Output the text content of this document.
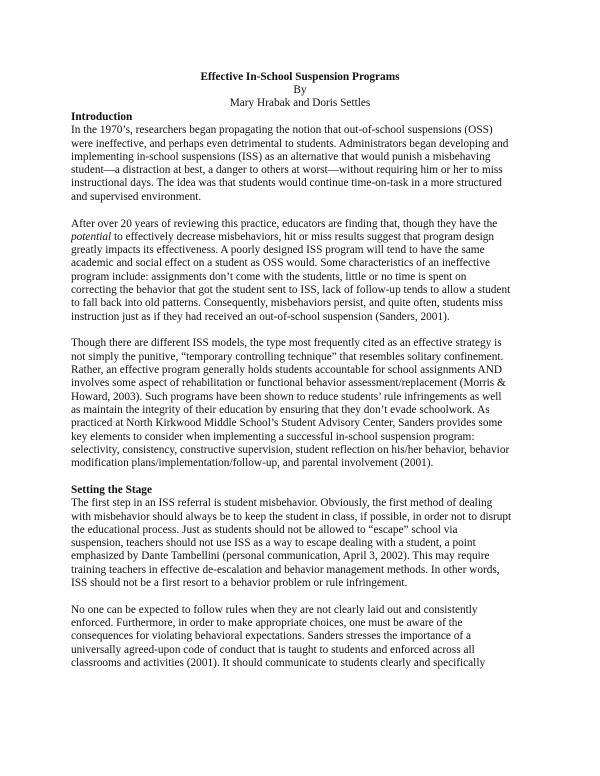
Effective In-School Suspension Programs

By

Mary Hrabak and Doris Settles

Introduction

In the 1970’s, researchers began propagating the notion that out-of-school suspensions (OSS)
were ineffective, and perhaps even detrimental to students. Administrators began developing and
implementing in-school suspensions (ISS) as an alternative that would punish a misbehaving
student—a distraction at best, a danger to others at worst—without requiring him or her to miss
instructional days. The idea was that students would continue time-on-task in a more structured
and supervised environment.

After over 20 years of reviewing this practice, educators are finding that, though they have the
potential to effectively decrease misbehaviors, hit or miss results suggest that program design
greatly impacts its effectiveness. A poorly designed ISS program will tend to have the same
academic and social effect on a student as OSS would. Some characteristics of an ineffective
program include: assignments don’t come with the students, little or no time is spent on
correcting the behavior that got the student sent to ISS, lack of follow-up tends to allow a student
to fall back into old patterns. Consequently, misbehaviors persist, and quite often, students miss
instruction just as if they had received an out-of-school suspension (Sanders, 2001).

Though there are different ISS models, the type most frequently cited as an effective strategy is
not simply the punitive, “temporary controlling technique” that resembles solitary confinement.
Rather, an effective program generally holds students accountable for school assignments AND
involves some aspect of rehabilitation or functional behavior assessment/replacement (Morris &
Howard, 2003). Such programs have been shown to reduce students’ rule infringements as well
as maintain the integrity of their education by ensuring that they don’t evade schoolwork. As
practiced at North Kirkwood Middle School’s Student Advisory Center, Sanders provides some
key elements to consider when implementing a successful in-school suspension program:
selectivity, consistency, constructive supervision, student reflection on his/her behavior, behavior
modification plans/implementation/follow-up, and parental involvement (2001).

Setting the Stage

The first step in an ISS referral is student misbehavior. Obviously, the first method of dealing
with misbehavior should always be to keep the student in class, if possible, in order not to disrupt
the educational process. Just as students should not be allowed to “escape” school via
suspension, teachers should not use ISS as a way to escape dealing with a student, a point
emphasized by Dante Tambellini (personal communication, April 3, 2002). This may require
training teachers in effective de-escalation and behavior management methods. In other words,
ISS should not be a first resort to a behavior problem or rule infringement.

No one can be expected to follow rules when they are not clearly laid out and consistently
enforced. Furthermore, in order to make appropriate choices, one must be aware of the
consequences for violating behavioral expectations. Sanders stresses the importance of a
universally agreed-upon code of conduct that is taught to students and enforced across all
classrooms and activities (2001). It should communicate to students clearly and specifically
